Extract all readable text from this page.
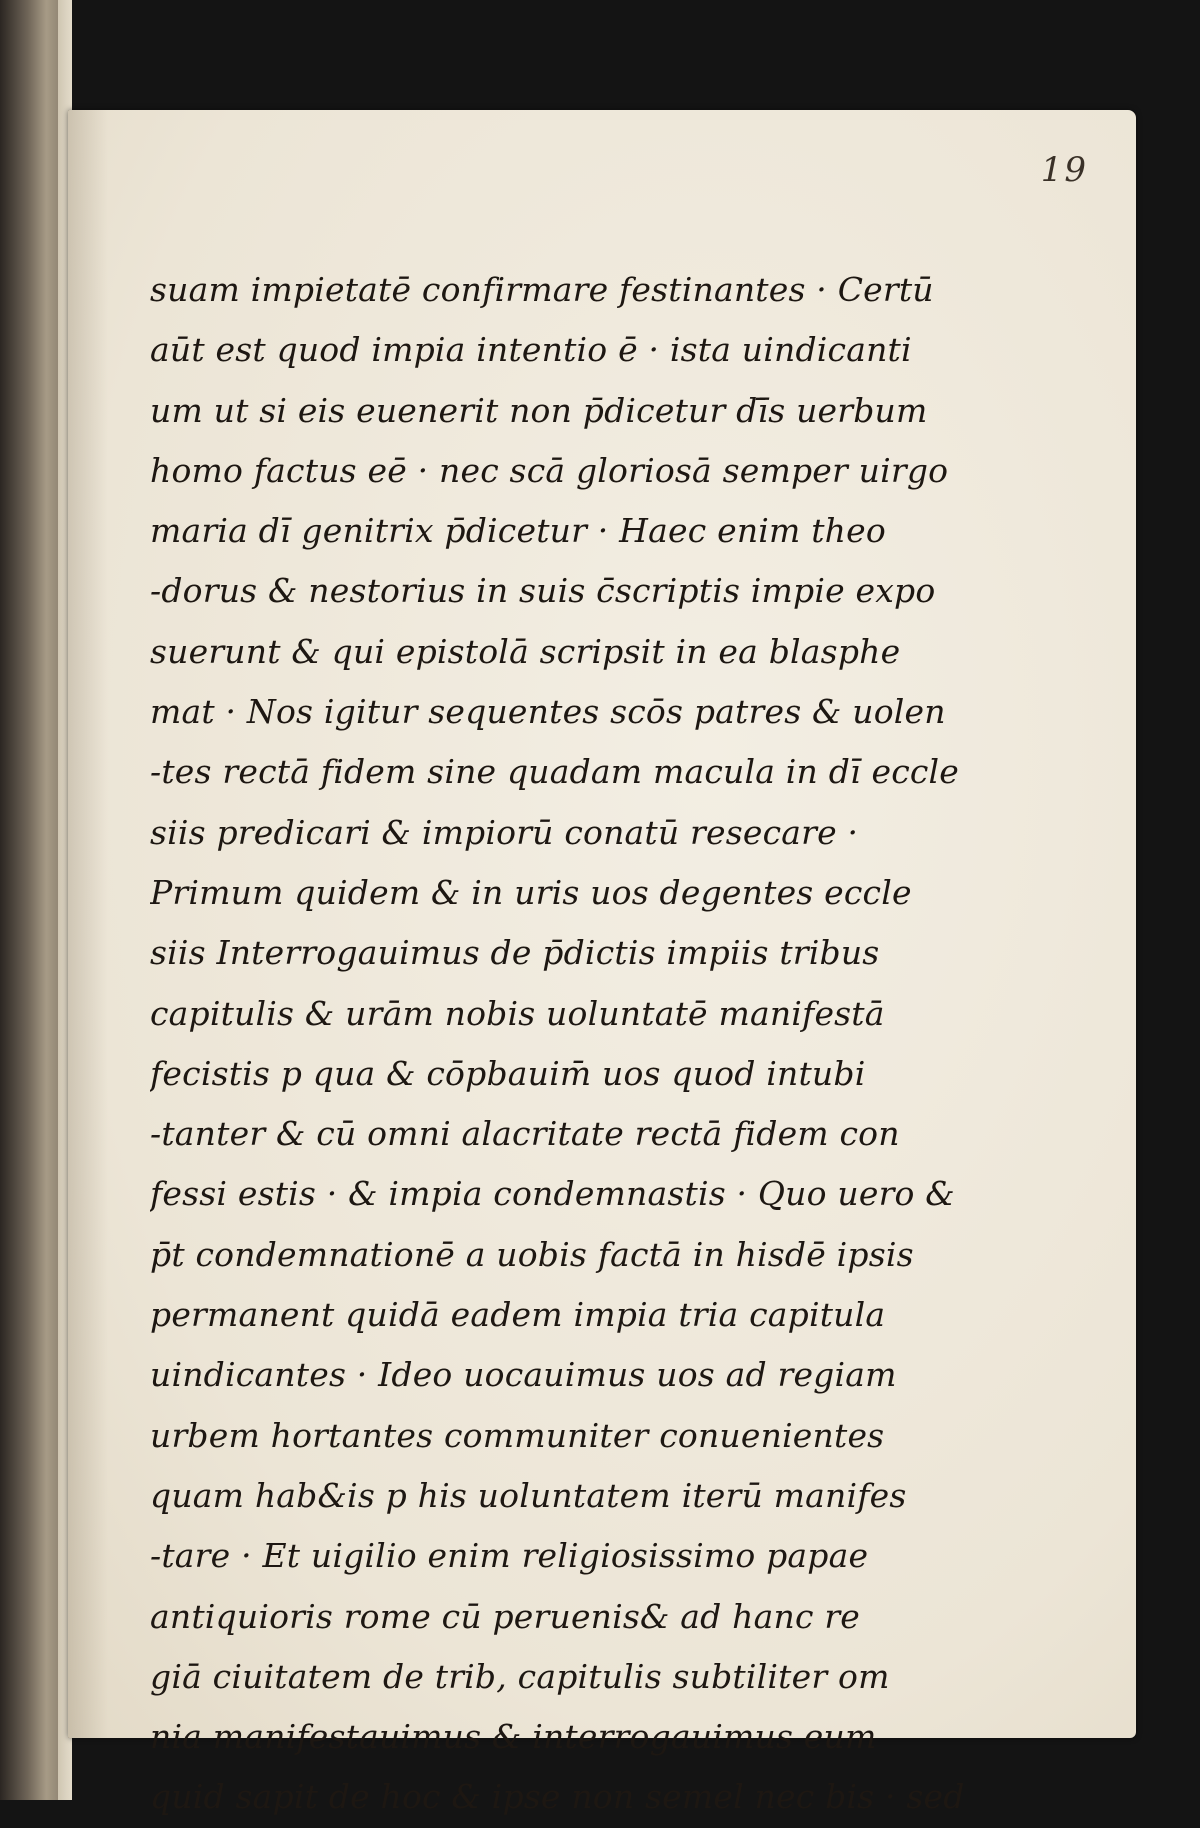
19
suam impietatē confirmare festinantes · Certū
aūt est quod impia intentio ē · ista uindicanti
um ut si eis euenerit non p̄dicetur dī̄s uerbum
homo factus eē · nec scā gloriosā semper uirgo
maria dī genitrix p̄dicetur · Haec enim theo
-dorus & nestorius in suis c̄scriptis impie expo
suerunt & qui epistolā scripsit in ea blasphe
mat · Nos igitur sequentes scōs patres & uolen
-tes rectā fidem sine quadam macula in dī eccle
siis predicari & impiorū conatū resecare ·
Primum quidem & in uris uos degentes eccle
siis Interrogauimus de p̄dictis impiis tribus
capitulis & urām nobis uoluntatē manifestā
fecistis p qua & cōpbauim̄ uos quod intubi
-tanter & cū omni alacritate rectā fidem con
fessi estis · & impia condemnastis · Quo uero &
p̄t condemnationē a uobis factā in hisdē ipsis
permanent quidā eadem impia tria capitula
uindicantes · Ideo uocauimus uos ad regiam
urbem hortantes communiter conuenientes
quam hab&is p his uoluntatem iterū manifes
-tare · Et uigilio enim religiosissimo papae
antiquioris rome cū peruenis& ad hanc re
giā ciuitatem de trib, capitulis subtiliter om
nia manifestauimus & interrogauimus eum
quid sapit de hoc & ipse non semel nec bis · sed
